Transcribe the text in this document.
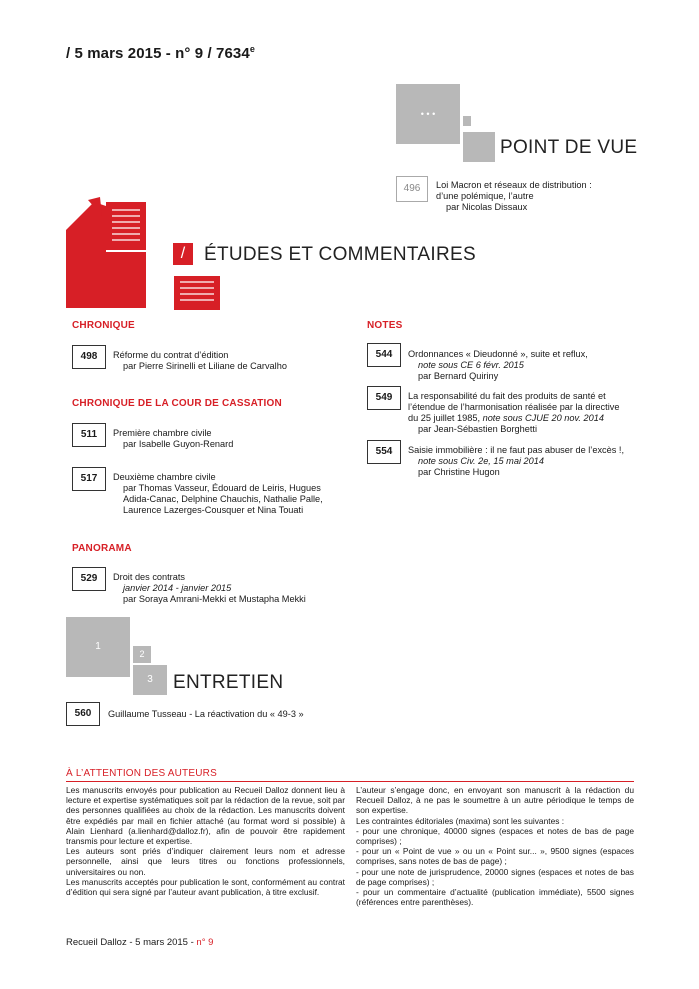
/ 5 mars 2015 - n° 9 / 7634e
• • •
POINT DE VUE
496	Loi Macron et réseaux de distribution :
d’une polémique, l’autre
par Nicolas Dissaux
/ ÉTUDES ET COMMENTAIRES
CHRONIQUE
498	Réforme du contrat d’édition
par Pierre Sirinelli et Liliane de Carvalho
CHRONIQUE DE LA COUR DE CASSATION
511	Première chambre civile
par Isabelle Guyon-Renard
517	Deuxième chambre civile
par Thomas Vasseur, Édouard de Leiris, Hugues
Adida-Canac, Delphine Chauchis, Nathalie Palle,
Laurence Lazerges-Cousquer et Nina Touati
PANORAMA
529	Droit des contrats
janvier 2014 - janvier 2015
par Soraya Amrani-Mekki et Mustapha Mekki
NOTES
544	Ordonnances « Dieudonné », suite et reflux,
note sous CE 6 févr. 2015
par Bernard Quiriny
549	La responsabilité du fait des produits de santé et
l’étendue de l’harmonisation réalisée par la directive
du 25 juillet 1985, note sous CJUE 20 nov. 2014
par Jean-Sébastien Borghetti
554	Saisie immobilière : il ne faut pas abuser de l’excès !,
note sous Civ. 2e, 15 mai 2014
par Christine Hugon
1
2
3	ENTRETIEN
560	Guillaume Tusseau - La réactivation du « 49-3 »
À L’ATTENTION DES AUTEURS

Les manuscrits envoyés pour publication au Recueil Dalloz donnent lieu à lecture et expertise systématiques soit par la rédaction de la revue, soit par des personnes qualifiées au choix de la rédaction. Les manuscrits doivent être expédiés par mail en fichier attaché (au format word si possible) à Alain Lienhard (a.lienhard@dalloz.fr), afin de pouvoir être rapidement transmis pour lecture et expertise.

Les auteurs sont priés d’indiquer clairement leurs nom et adresse personnelle, ainsi que leurs titres ou fonctions professionnels, universitaires ou non.

Les manuscrits acceptés pour publication le sont, conformément au contrat d’édition qui sera signé par l’auteur avant publication, à titre exclusif.

L’auteur s’engage donc, en envoyant son manuscrit à la rédaction du Recueil Dalloz, à ne pas le soumettre à un autre périodique le temps de son expertise.

Les contraintes éditoriales (maxima) sont les suivantes :

- pour une chronique, 40000 signes (espaces et notes de bas de page comprises) ;

- pour un « Point de vue » ou un « Point sur... », 9500 signes (espaces comprises, sans notes de bas de page) ;

- pour une note de jurisprudence, 20000 signes (espaces et notes de bas de page comprises) ;

- pour un commentaire d’actualité (publication immédiate), 5500 signes (références entre parenthèses).

Recueil Dalloz - 5 mars 2015 - n° 9
